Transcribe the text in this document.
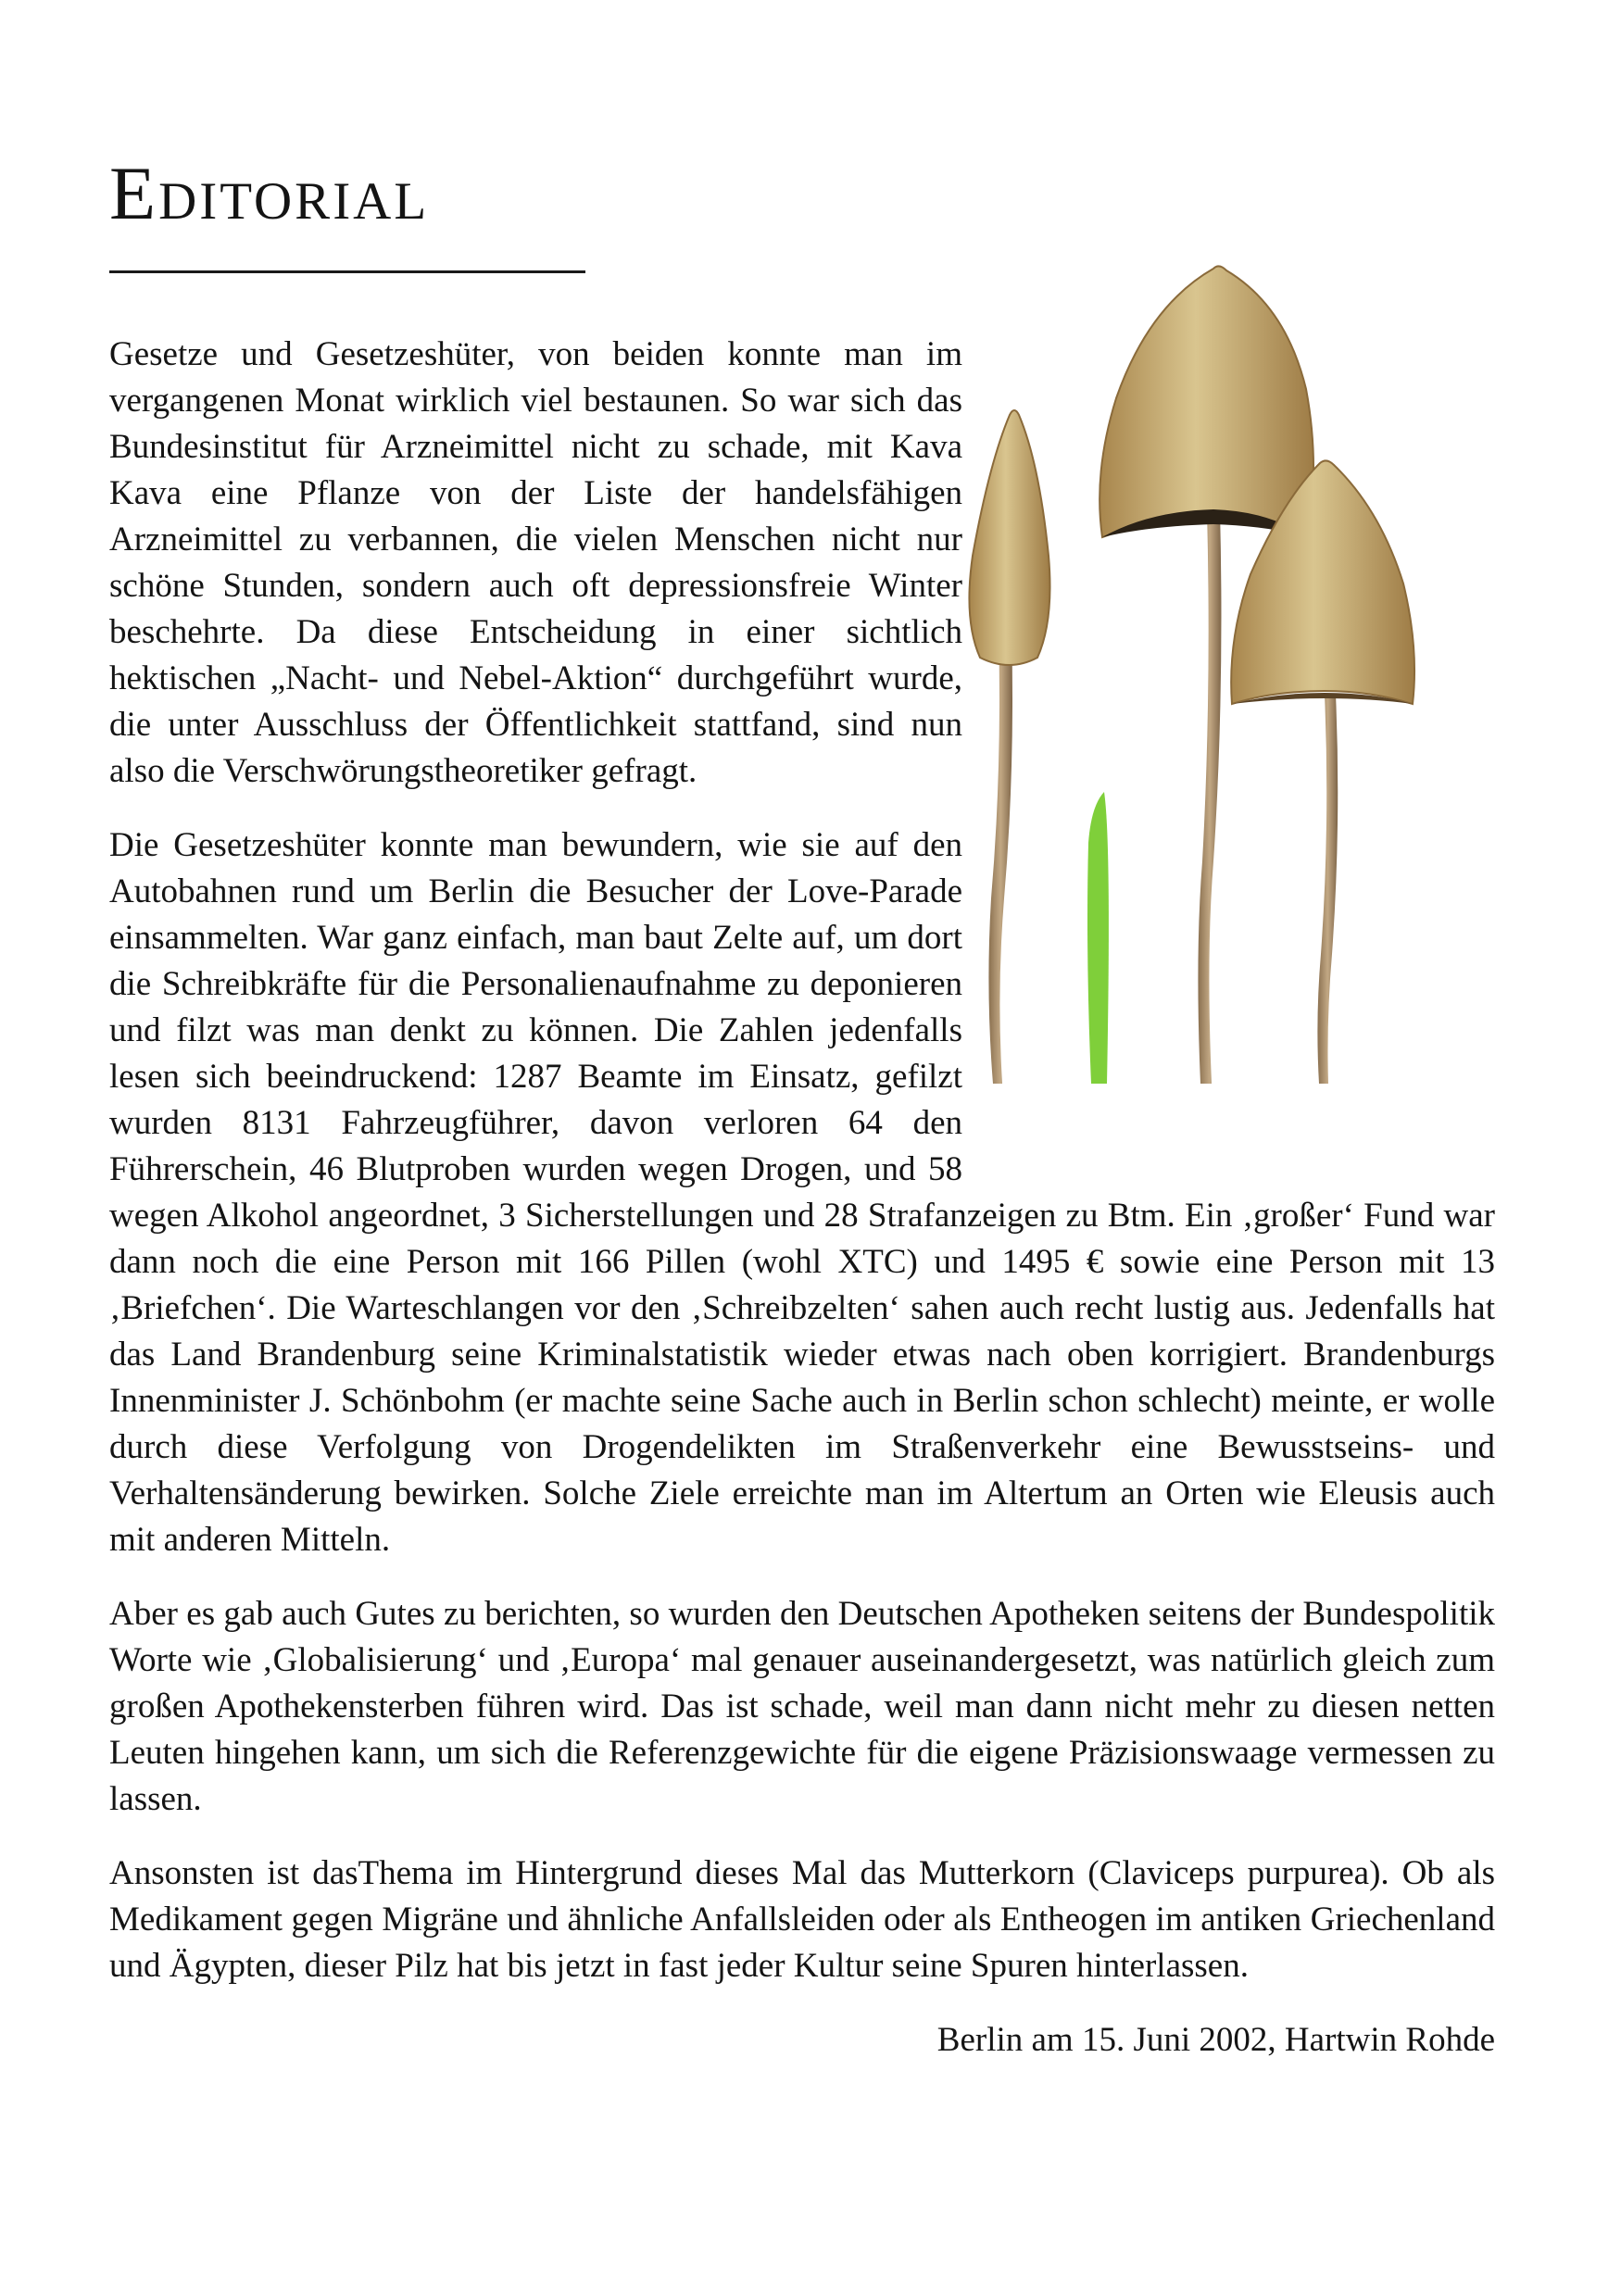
Editorial

Gesetze und Gesetzeshüter, von beiden konnte man im vergangenen Monat wirklich viel bestaunen. So war sich das Bundesinstitut für Arzneimittel nicht zu schade, mit Kava Kava eine Pflanze von der Liste der handelsfähigen Arzneimittel zu verbannen, die vielen Menschen nicht nur schöne Stunden, sondern auch oft depressionsfreie Winter beschehrte. Da diese Entscheidung in einer sichtlich hektischen „Nacht- und Nebel-Aktion“ durchgeführt wurde, die unter Ausschluss der Öffentlichkeit stattfand, sind nun also die Verschwörungstheoretiker gefragt.

Die Gesetzeshüter konnte man bewundern, wie sie auf den Autobahnen rund um Berlin die Besucher der Love-Parade einsammelten. War ganz einfach, man baut Zelte auf, um dort die Schreibkräfte für die Personalienaufnahme zu deponieren und filzt was man denkt zu können. Die Zahlen jedenfalls lesen sich beeindruckend: 1287 Beamte im Einsatz, gefilzt wurden 8131 Fahrzeugführer, davon verloren 64 den Führerschein, 46 Blutproben wurden wegen Drogen, und 58 wegen Alkohol angeordnet, 3 Sicherstellungen und 28 Strafanzeigen zu Btm. Ein ‚großer‘ Fund war dann noch die eine Person mit 166 Pillen (wohl XTC) und 1495 € sowie eine Person mit 13 ‚Briefchen‘. Die Warteschlangen vor den ‚Schreibzelten‘ sahen auch recht lustig aus. Jedenfalls hat das Land Brandenburg seine Kriminalstatistik wieder etwas nach oben korrigiert. Brandenburgs Innenminister J. Schönbohm (er machte seine Sache auch in Berlin schon schlecht) meinte, er wolle durch diese Verfolgung von Drogendelikten im Straßenverkehr eine Bewusstseins- und Verhaltensänderung bewirken. Solche Ziele erreichte man im Altertum an Orten wie Eleusis auch mit anderen Mitteln.

Aber es gab auch Gutes zu berichten, so wurden den Deutschen Apotheken seitens der Bundespolitik Worte wie ‚Globalisierung‘ und ‚Europa‘ mal genauer auseinandergesetzt, was natürlich gleich zum großen Apothekensterben führen wird. Das ist schade, weil man dann nicht mehr zu diesen netten Leuten hingehen kann, um sich die Referenzgewichte für die eigene Präzisionswaage vermessen zu lassen.

Ansonsten ist dasThema im Hintergrund dieses Mal das Mutterkorn (Claviceps purpurea). Ob als Medikament gegen Migräne und ähnliche Anfallsleiden oder als Entheogen im antiken Griechenland und Ägypten, dieser Pilz hat bis jetzt in fast jeder Kultur seine Spuren hinterlassen.

Berlin am 15. Juni 2002, Hartwin Rohde
